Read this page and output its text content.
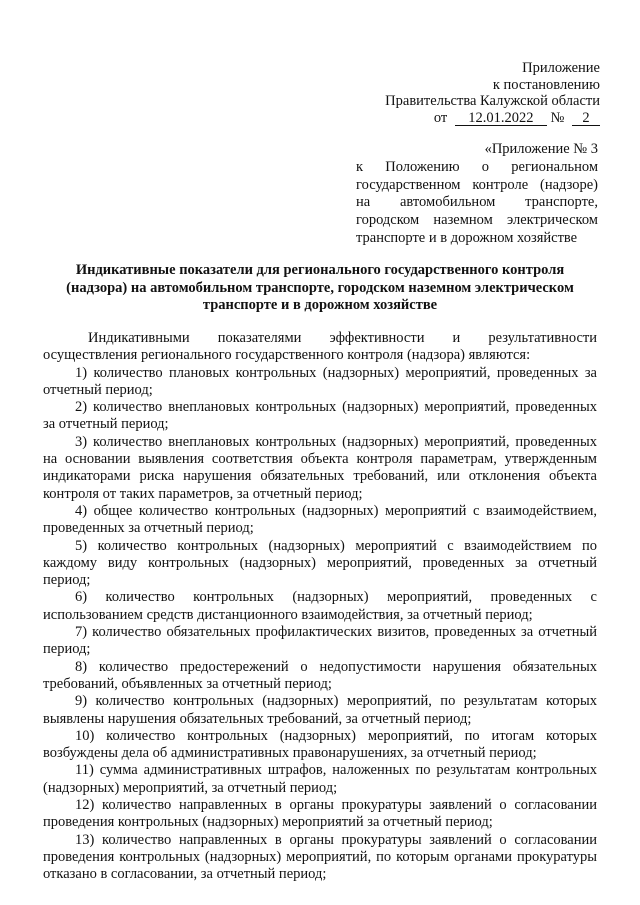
Приложение
к постановлению
Правительства Калужской области
от 12.01.2022 № 2
«Приложение № 3
к Положению о региональном государственном контроле (надзоре) на автомобильном транспорте, городском наземном электрическом транспорте и в дорожном хозяйстве
Индикативные показатели для регионального государственного контроля (надзора) на автомобильном транспорте, городском наземном электрическом транспорте и в дорожном хозяйстве

Индикативными показателями эффективности и результативности осуществления регионального государственного контроля (надзора) являются:

1) количество плановых контрольных (надзорных) мероприятий, проведенных за отчетный период;

2) количество внеплановых контрольных (надзорных) мероприятий, проведенных за отчетный период;

3) количество внеплановых контрольных (надзорных) мероприятий, проведенных на основании выявления соответствия объекта контроля параметрам, утвержденным индикаторами риска нарушения обязательных требований, или отклонения объекта контроля от таких параметров, за отчетный период;

4) общее количество контрольных (надзорных) мероприятий с взаимодействием, проведенных за отчетный период;

5) количество контрольных (надзорных) мероприятий с взаимодействием по каждому виду контрольных (надзорных) мероприятий, проведенных за отчетный период;

6) количество контрольных (надзорных) мероприятий, проведенных с использованием средств дистанционного взаимодействия, за отчетный период;

7) количество обязательных профилактических визитов, проведенных за отчетный период;

8) количество предостережений о недопустимости нарушения обязательных требований, объявленных за отчетный период;

9) количество контрольных (надзорных) мероприятий, по результатам которых выявлены нарушения обязательных требований, за отчетный период;

10) количество контрольных (надзорных) мероприятий, по итогам которых возбуждены дела об административных правонарушениях, за отчетный период;

11) сумма административных штрафов, наложенных по результатам контрольных (надзорных) мероприятий, за отчетный период;

12) количество направленных в органы прокуратуры заявлений о согласовании проведения контрольных (надзорных) мероприятий за отчетный период;

13) количество направленных в органы прокуратуры заявлений о согласовании проведения контрольных (надзорных) мероприятий, по которым органами прокуратуры отказано в согласовании, за отчетный период;
